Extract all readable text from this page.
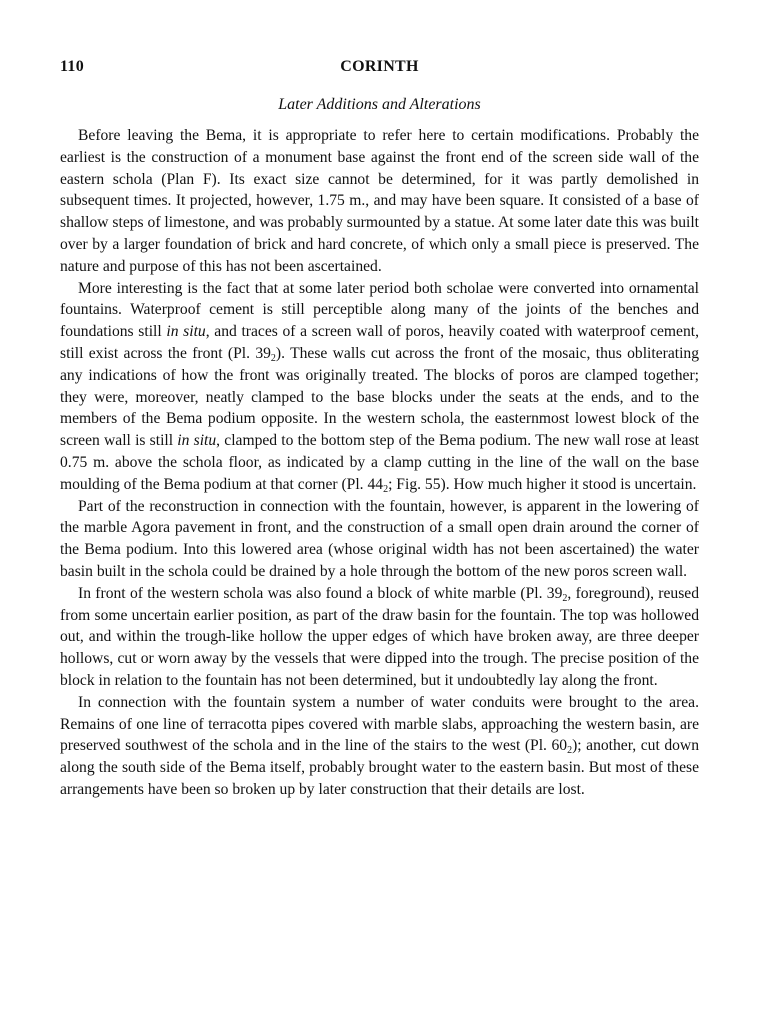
110	CORINTH
Later Additions and Alterations

Before leaving the Bema, it is appropriate to refer here to certain modifications. Probably the earliest is the construction of a monument base against the front end of the screen side wall of the eastern schola (Plan F). Its exact size cannot be determined, for it was partly demolished in subsequent times. It projected, however, 1.75 m., and may have been square. It consisted of a base of shallow steps of limestone, and was probably surmounted by a statue. At some later date this was built over by a larger foundation of brick and hard concrete, of which only a small piece is preserved. The nature and purpose of this has not been ascertained.

More interesting is the fact that at some later period both scholae were converted into ornamental fountains. Waterproof cement is still perceptible along many of the joints of the benches and foundations still in situ, and traces of a screen wall of poros, heavily coated with waterproof cement, still exist across the front (Pl. $39_2$). These walls cut across the front of the mosaic, thus obliterating any indications of how the front was originally treated. The blocks of poros are clamped together; they were, moreover, neatly clamped to the base blocks under the seats at the ends, and to the members of the Bema podium opposite. In the western schola, the easternmost lowest block of the screen wall is still in situ, clamped to the bottom step of the Bema podium. The new wall rose at least 0.75 m. above the schola floor, as indicated by a clamp cutting in the line of the wall on the base moulding of the Bema podium at that corner (Pl. $44_2$; Fig. 55). How much higher it stood is uncertain.

Part of the reconstruction in connection with the fountain, however, is apparent in the lowering of the marble Agora pavement in front, and the construction of a small open drain around the corner of the Bema podium. Into this lowered area (whose original width has not been ascertained) the water basin built in the schola could be drained by a hole through the bottom of the new poros screen wall.

In front of the western schola was also found a block of white marble (Pl. $39_2$, foreground), reused from some uncertain earlier position, as part of the draw basin for the fountain. The top was hollowed out, and within the trough-like hollow the upper edges of which have broken away, are three deeper hollows, cut or worn away by the vessels that were dipped into the trough. The precise position of the block in relation to the fountain has not been determined, but it undoubtedly lay along the front.

In connection with the fountain system a number of water conduits were brought to the area. Remains of one line of terracotta pipes covered with marble slabs, approaching the western basin, are preserved southwest of the schola and in the line of the stairs to the west (Pl. $60_2$); another, cut down along the south side of the Bema itself, probably brought water to the eastern basin. But most of these arrangements have been so broken up by later construction that their details are lost.
